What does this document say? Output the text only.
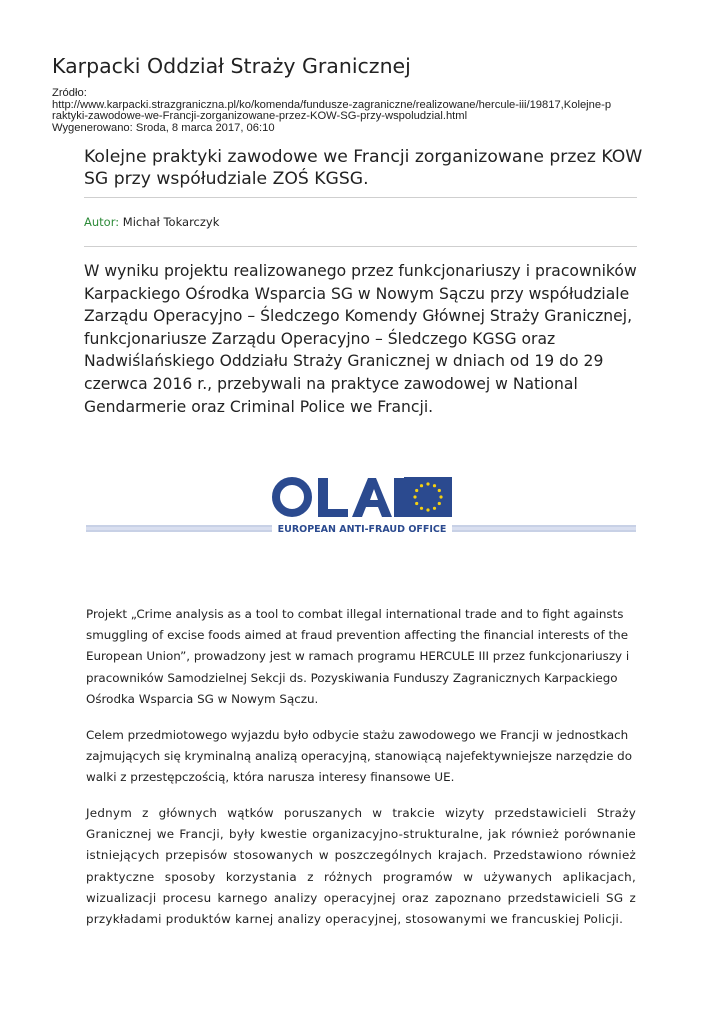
Karpacki Oddział Straży Granicznej
Źródło:
http://www.karpacki.strazgraniczna.pl/ko/komenda/fundusze-zagraniczne/realizowane/hercule-iii/19817,Kolejne-p
raktyki-zawodowe-we-Francji-zorganizowane-przez-KOW-SG-przy-wspoludzial.html
Wygenerowano: Środa, 8 marca 2017, 06:10
Kolejne praktyki zawodowe we Francji zorganizowane przez KOW SG przy współudziale ZOŚ KGSG.
Autor: Michał Tokarczyk

W wyniku projektu realizowanego przez funkcjonariuszy i pracowników Karpackiego Ośrodka Wsparcia SG w Nowym Sączu przy współudziale Zarządu Operacyjno – Śledczego Komendy Głównej Straży Granicznej, funkcjonariusze Zarządu Operacyjno – Śledczego KGSG oraz Nadwiślańskiego Oddziału Straży Granicznej w dniach od 19 do 29 czerwca 2016 r., przebywali na praktyce zawodowej w National Gendarmerie oraz Criminal Police we Francji.

EUROPEAN ANTI-FRAUD OFFICE

Projekt „Crime analysis as a tool to combat illegal international trade and to fight againsts smuggling of excise foods aimed at fraud prevention affecting the financial interests of the European Union”, prowadzony jest w ramach programu HERCULE III przez funkcjonariuszy i pracowników Samodzielnej Sekcji ds. Pozyskiwania Funduszy Zagranicznych Karpackiego Ośrodka Wsparcia SG w Nowym Sączu.

Celem przedmiotowego wyjazdu było odbycie stażu zawodowego we Francji w jednostkach zajmujących się kryminalną analizą operacyjną, stanowiącą najefektywniejsze narzędzie do walki z przestępczością, która narusza interesy finansowe UE.

Jednym z głównych wątków poruszanych w trakcie wizyty przedstawicieli Straży Granicznej we Francji, były kwestie organizacyjno-strukturalne, jak również porównanie istniejących przepisów stosowanych w poszczególnych krajach. Przedstawiono również praktyczne sposoby korzystania z różnych programów w używanych aplikacjach, wizualizacji procesu karnego analizy operacyjnej oraz zapoznano przedstawicieli SG z przykładami produktów karnej analizy operacyjnej, stosowanymi we francuskiej Policji.
